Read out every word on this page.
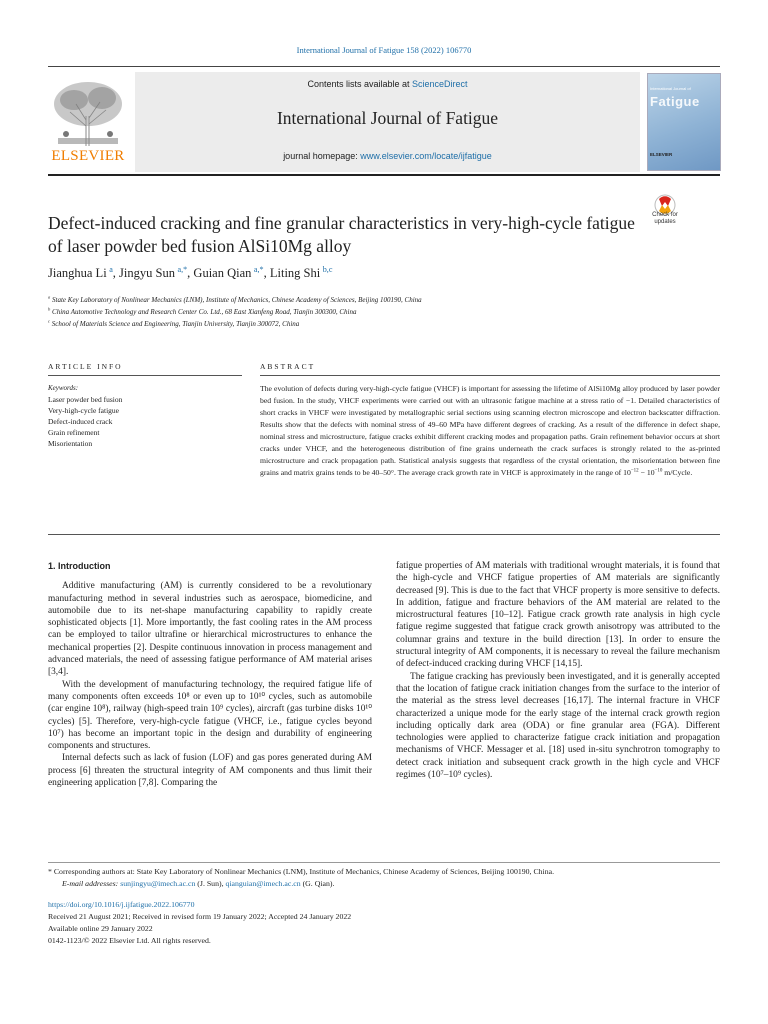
International Journal of Fatigue 158 (2022) 106770
ELSEVIER
Contents lists available at ScienceDirect
International Journal of Fatigue
journal homepage: www.elsevier.com/locate/ijfatigue
International Journal of
Fatigue
ELSEVIER
Check for
updates
Defect-induced cracking and fine granular characteristics in very-high-cycle fatigue of laser powder bed fusion AlSi10Mg alloy
Jianghua Li  $^a$, Jingyu Sun  $^{a,*}$, Guian Qian  $^{a,*}$, Liting Shi  $^{b,c}$
$^a$ State Key Laboratory of Nonlinear Mechanics (LNM), Institute of Mechanics, Chinese Academy of Sciences, Beijing 100190, China
$^b$ China Automotive Technology and Research Center Co. Ltd., 68 East Xianfeng Road, Tianjin 300300, China
$^c$ School of Materials Science and Engineering, Tianjin University, Tianjin 300072, China
ARTICLE INFO	ABSTRACT
Keywords:
Laser powder bed fusion
Very-high-cycle fatigue
Defect-induced crack
Grain refinement
Misorientation
The evolution of defects during very-high-cycle fatigue (VHCF) is important for assessing the lifetime of AlSi10Mg alloy produced by laser powder bed fusion. In the study, VHCF experiments were carried out with an ultrasonic fatigue machine at a stress ratio of −1. Detailed characteristics of short cracks in VHCF were investigated by metallographic serial sections using scanning electron microscope and electron backscatter diffraction. Results show that the defects with nominal stress of 49–60 MPa have different degrees of cracking. As a result of the difference in defect shape, nominal stress and microstructure, fatigue cracks exhibit different cracking modes and propagation paths. Grain refinement behavior occurs at short cracks under VHCF, and the heterogeneous distribution of fine grains underneath the crack surfaces is strongly related to the as-printed microstructure and crack propagation path. Statistical analysis suggests that regardless of the crystal orientation, the misorientation between fine grains and matrix grains tends to be 40–50°. The average crack growth rate in VHCF is approximately in the range of $10^{-12} - 10^{-10}$ m/Cycle.

1. Introduction

Additive manufacturing (AM) is currently considered to be a revolutionary manufacturing method in several industries such as aerospace, biomedicine, and automobile due to its net-shape manufacturing capability to rapidly create sophisticated objects [1]. More importantly, the fast cooling rates in the AM process can be employed to tailor ultrafine or hierarchical microstructures to enhance the mechanical properties [2]. Despite continuous innovation in process management and advanced materials, the need of assessing fatigue performance of AM material arises [3,4].

With the development of manufacturing technology, the required fatigue life of many components often exceeds 10⁸ or even up to 10¹⁰ cycles, such as automobile (car engine 10⁸), railway (high-speed train 10⁹ cycles), aircraft (gas turbine disks 10¹⁰ cycles) [5]. Therefore, very-high-cycle fatigue (VHCF, i.e., fatigue cycles beyond 10⁷) has become an important topic in the design and durability of engineering components and structures.

Internal defects such as lack of fusion (LOF) and gas pores generated during AM process [6] threaten the structural integrity of AM components and thus limit their engineering application [7,8]. Comparing the

fatigue properties of AM materials with traditional wrought materials, it is found that the high-cycle and VHCF fatigue properties of AM materials are significantly decreased [9]. This is due to the fact that VHCF property is more sensitive to defects. In addition, fatigue and fracture behaviors of the AM material are related to the microstructural features [10–12]. Fatigue crack growth rate analysis in high cycle fatigue regime suggested that fatigue crack growth anisotropy was attributed to the columnar grains and texture in the build direction [13]. In order to ensure the structural integrity of AM components, it is necessary to reveal the failure mechanism of defect-induced cracking during VHCF [14,15].

The fatigue cracking has previously been investigated, and it is generally accepted that the location of fatigue crack initiation changes from the surface to the interior of the material as the stress level decreases [16,17]. The internal fracture in VHCF characterized a unique mode for the early stage of the internal crack growth region including optically dark area (ODA) or fine granular area (FGA). Different technologies were applied to characterize fatigue crack initiation and propagation mechanisms of VHCF. Messager et al. [18] used in-situ synchrotron tomography to detect crack initiation and subsequent crack growth in the high cycle and VHCF regimes (10⁷–10⁹ cycles).

* Corresponding authors at: State Key Laboratory of Nonlinear Mechanics (LNM), Institute of Mechanics, Chinese Academy of Sciences, Beijing 100190, China.
E-mail addresses: sunjingyu@imech.ac.cn (J. Sun), qianguian@imech.ac.cn (G. Qian).
https://doi.org/10.1016/j.ijfatigue.2022.106770
Received 21 August 2021; Received in revised form 19 January 2022; Accepted 24 January 2022
Available online 29 January 2022
0142-1123/© 2022 Elsevier Ltd. All rights reserved.
